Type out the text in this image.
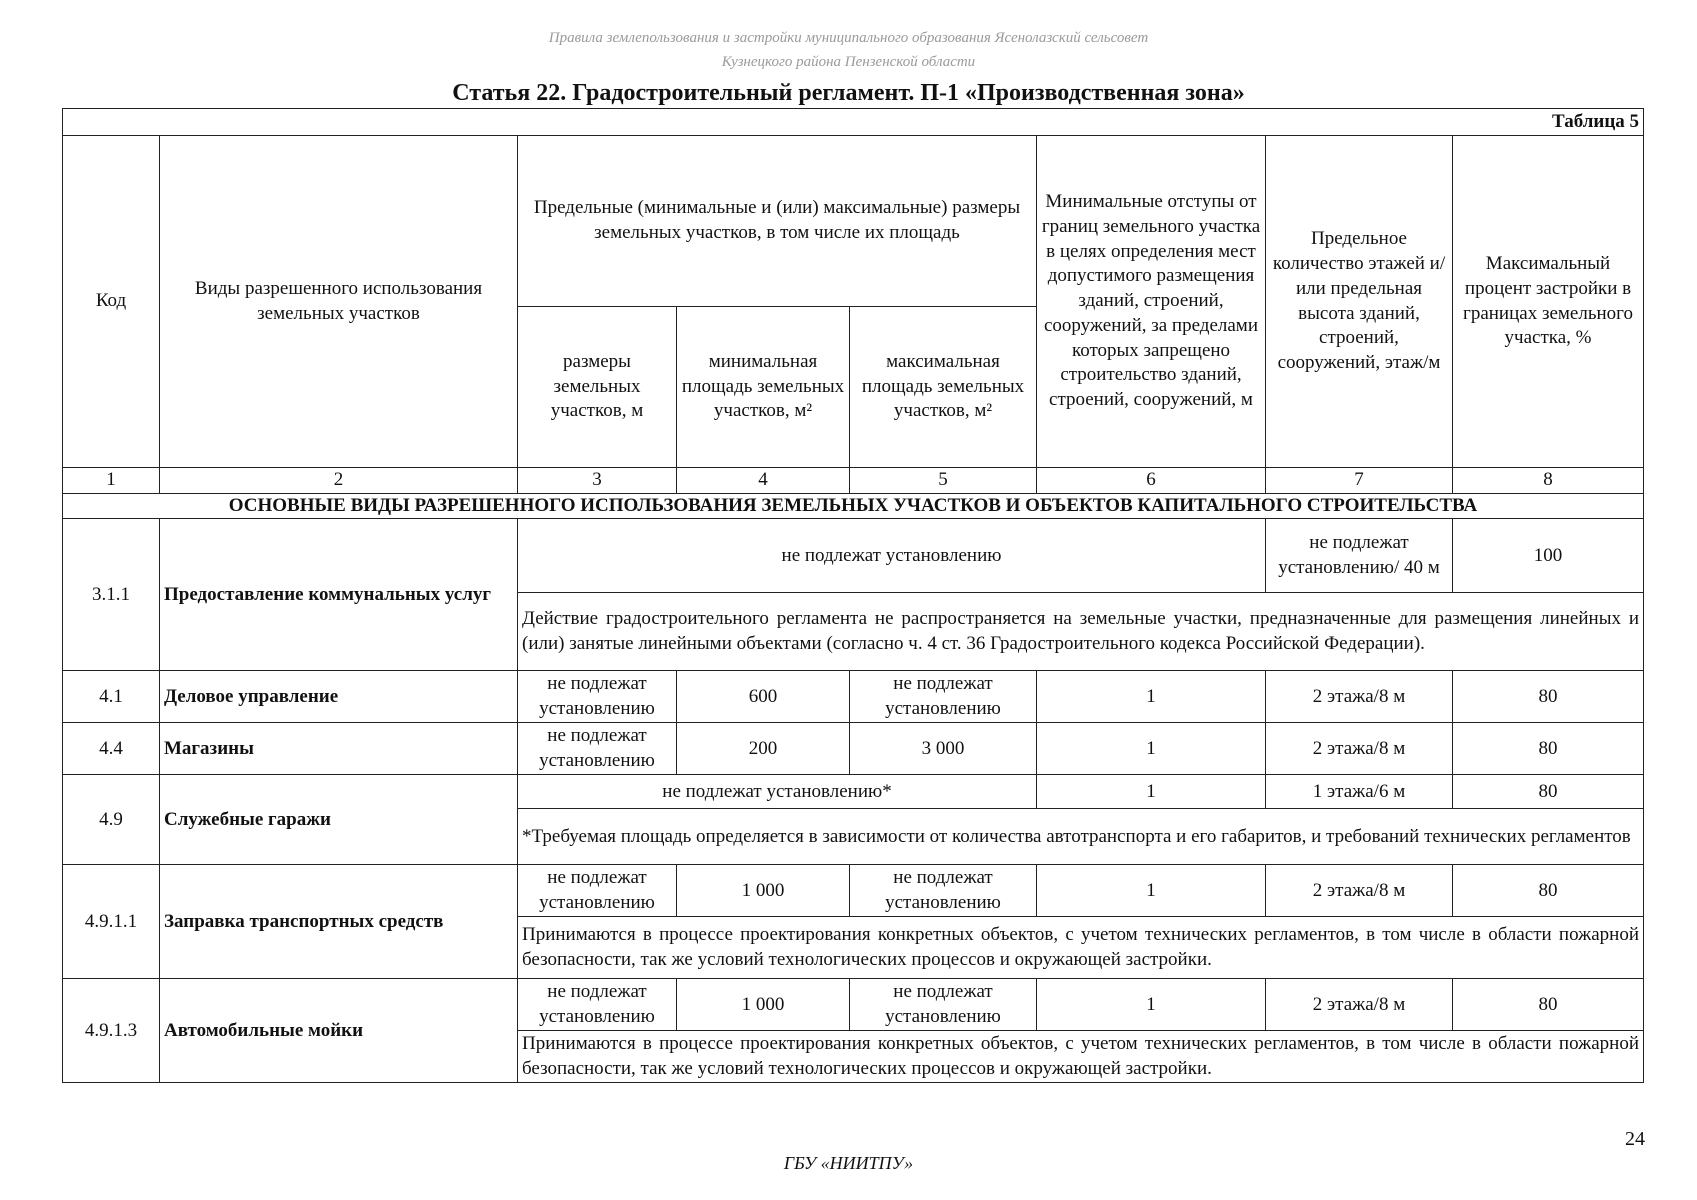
Правила землепользования и застройки муниципального образования Ясенолазский сельсовет
Кузнецкого района Пензенской области
Статья 22. Градостроительный регламент. П-1 «Производственная зона»
Таблица 5							
Код	Виды разрешенного использования земельных участков	Предельные (минимальные и (или) максимальные) размеры земельных участков, в том числе их площадь			Минимальные отступы от границ земельного участка в целях определения мест допустимого размещения зданий, строений, сооружений, за пределами которых запрещено строительство зданий, строений, сооружений, м	Предельное количество этажей и/или предельная высота зданий, строений, сооружений, этаж/м	Максимальный процент застройки в границах земельного участка, %
		размеры земельных участков, м	минимальная площадь земельных участков, м²	максимальная площадь земельных участков, м²			
1	2	3	4	5	6	7	8
ОСНОВНЫЕ ВИДЫ РАЗРЕШЕННОГО ИСПОЛЬЗОВАНИЯ ЗЕМЕЛЬНЫХ УЧАСТКОВ И ОБЪЕКТОВ КАПИТАЛЬНОГО СТРОИТЕЛЬСТВА							
3.1.1	Предоставление коммунальных услуг	не подлежат установлению				не подлежат установлению/ 40 м	100
		Действие градостроительного регламента не распространяется на земельные участки, предназначенные для размещения линейных и (или) занятые линейными объектами (согласно ч. 4 ст. 36 Градостроительного кодекса Российской Федерации).					
4.1	Деловое управление	не подлежат установлению	600	не подлежат установлению	1	2 этажа/8 м	80
4.4	Магазины	не подлежат установлению	200	3 000	1	2 этажа/8 м	80
4.9	Служебные гаражи	не подлежат установлению*			1	1 этажа/6 м	80
		*Требуемая площадь определяется в зависимости от количества автотранспорта и его габаритов, и требований технических регламентов					
4.9.1.1	Заправка транспортных средств	не подлежат установлению	1 000	не подлежат установлению	1	2 этажа/8 м	80
		Принимаются в процессе проектирования конкретных объектов, с учетом технических регламентов, в том числе в области пожарной безопасности, так же условий технологических процессов и окружающей застройки.					
4.9.1.3	Автомобильные мойки	не подлежат установлению	1 000	не подлежат установлению	1	2 этажа/8 м	80
		Принимаются в процессе проектирования конкретных объектов, с учетом технических регламентов, в том числе в области пожарной безопасности, так же условий технологических процессов и окружающей застройки.					
24
ГБУ «НИИТПУ»
